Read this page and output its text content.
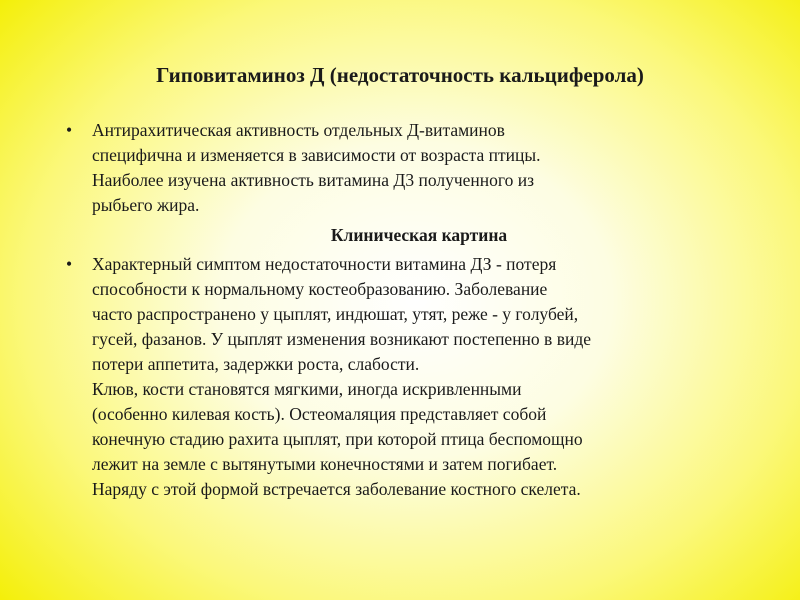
Гиповитаминоз Д (недостаточность кальциферола)
• Антирахитическая активность отдельных Д-витаминов
специфична и изменяется в зависимости от возраста птицы.
Наиболее изучена активность витамина Д3 полученного из
рыбьего жира.
Клиническая картина
• Характерный симптом недостаточности витамина ДЗ - потеря
способности к нормальному костеобразованию. Заболевание
часто распространено у цыплят, индюшат, утят, реже - у голубей,
гусей, фазанов. У цыплят изменения возникают постепенно в виде
потери аппетита, задержки роста, слабости.
Клюв, кости становятся мягкими, иногда искривленными
(особенно килевая кость). Остеомаляция представляет собой
конечную стадию рахита цыплят, при которой птица беспомощно
лежит на земле с вытянутыми конечностями и затем погибает.
Наряду с этой формой встречается заболевание костного скелета.
